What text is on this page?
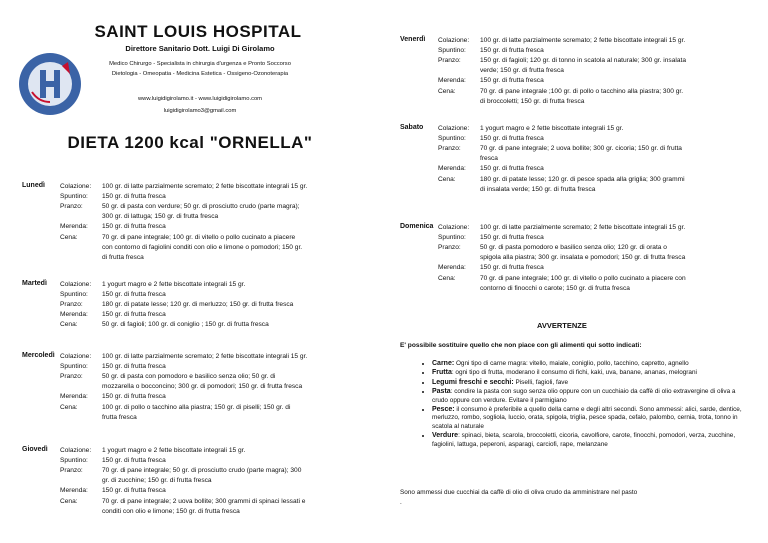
SAINT LOUIS HOSPITAL
Direttore Sanitario Dott. Luigi Di Girolamo
Medico Chirurgo - Specialista in chirurgia d'urgenza e Pronto Soccorso
Dietologia - Omeopatia - Medicina Estetica - Ossigeno-Ozonoterapia
www.luigidigirolamo.it - www.luigidigirolamo.com
luigidigirolamo3@gmail.com
DIETA 1200 kcal "ORNELLA"
Lunedì Colazione: 100 gr. di latte parzialmente scremato; 2 fette biscottate integrali 15 gr.
Spuntino: 150 gr. di frutta fresca
Pranzo:	50 gr. di pasta con verdure; 50 gr. di prosciutto crudo (parte magra);
300 gr. di lattuga; 150 gr. di frutta fresca
Merenda: 150 gr. di frutta fresca
Cena:	70 gr. di pane integrale; 100 gr. di vitello o pollo cucinato a piacere
con contorno di fagiolini conditi con olio e limone o pomodori; 150 gr.
di frutta fresca
Martedì Colazione: 1 yogurt magro e 2 fette biscottate integrali 15 gr.
Spuntino: 150 gr. di frutta fresca
Pranzo:	180 gr. di patate lesse; 120 gr. di merluzzo; 150 gr. di frutta fresca
Merenda: 150 gr. di frutta fresca
Cena:	50 gr. di fagioli; 100 gr. di coniglio ; 150 gr. di frutta fresca
Mercoledì Colazione: 100 gr. di latte parzialmente scremato; 2 fette biscottate integrali 15 gr.
Spuntino: 150 gr. di frutta fresca
Pranzo:	50 gr. di pasta con pomodoro e basilico senza olio; 50 gr. di
mozzarella o bocconcino; 300 gr. di pomodori; 150 gr. di frutta fresca
Merenda: 150 gr. di frutta fresca
Cena:	100 gr. di pollo o tacchino alla piastra; 150 gr. di piselli; 150 gr. di
frutta fresca
Giovedì Colazione: 1 yogurt magro e 2 fette biscottate integrali 15 gr.
Spuntino: 150 gr. di frutta fresca
Pranzo:	70 gr. di pane integrale; 50 gr. di prosciutto crudo (parte magra); 300
gr. di zucchine; 150 gr. di frutta fresca
Merenda: 150 gr. di frutta fresca
Cena:	70 gr. di pane integrale; 2 uova bollite; 300 grammi di spinaci lessati e
conditi con olio e limone; 150 gr. di frutta fresca
Venerdì Colazione: 100 gr. di latte parzialmente scremato; 2 fette biscottate integrali 15 gr.
Spuntino: 150 gr. di frutta fresca
Pranzo:	150 gr. di fagioli; 120 gr. di tonno in scatola al naturale; 300 gr. insalata
verde; 150 gr. di frutta fresca
Merenda: 150 gr. di frutta fresca
Cena:	70 gr. di pane integrale ;100 gr. di pollo o tacchino alla piastra; 300 gr.
di broccoletti; 150 gr. di frutta fresca
Sabato Colazione: 1 yogurt magro e 2 fette biscottate integrali 15 gr.
Spuntino: 150 gr. di frutta fresca
Pranzo:	70 gr. di pane integrale; 2 uova bollite; 300 gr. cicoria; 150 gr. di frutta
fresca
Merenda: 150 gr. di frutta fresca
Cena:	180 gr. di patate lesse; 120 gr. di pesce spada alla griglia; 300 grammi
di insalata verde; 150 gr. di frutta fresca
Domenica Colazione: 100 gr. di latte parzialmente scremato; 2 fette biscottate integrali 15 gr.
Spuntino: 150 gr. di frutta fresca
Pranzo:	50 gr. di pasta pomodoro e basilico senza olio; 120 gr. di orata o
spigola alla piastra; 300 gr. insalata e pomodori; 150 gr. di frutta fresca
Merenda: 150 gr. di frutta fresca
Cena:	70 gr. di pane integrale; 100 gr. di vitello o pollo cucinato a piacere con
contorno di finocchi o carote; 150 gr. di frutta fresca
AVVERTENZE
E' possibile sostituire quello che non piace con gli alimenti qui sotto indicati:
• Carne: Ogni tipo di carne magra: vitello, maiale, coniglio, pollo, tacchino, capretto, agnello
• Frutta: ogni tipo di frutta, moderano il consumo di fichi, kaki, uva, banane, ananas, melograni
• Legumi freschi e secchi: Piselli, fagioli, fave
• Pasta: condire la pasta con sugo senza olio oppure con un cucchiaio da caffè di olio extravergine di oliva a crudo oppure con verdure. Evitare il parmigiano
• Pesce: il consumo è preferibile a quello della carne e degli altri secondi. Sono ammessi: alici, sarde, dentice, merluzzo, rombo, sogliola, luccio, orata, spigola, triglia, pesce spada, cefalo, palombo, cernia, trota, tonno in scatola al naturale
• Verdure: spinaci, bieta, scarola, broccoletti, cicoria, cavolfiore, carote, finocchi, pomodori, verza, zucchine, fagiolini, lattuga, peperoni, asparagi, carciofi, rape, melanzane
Sono ammessi due cucchiai da caffè di olio di oliva crudo da amministrare nel pasto
.
